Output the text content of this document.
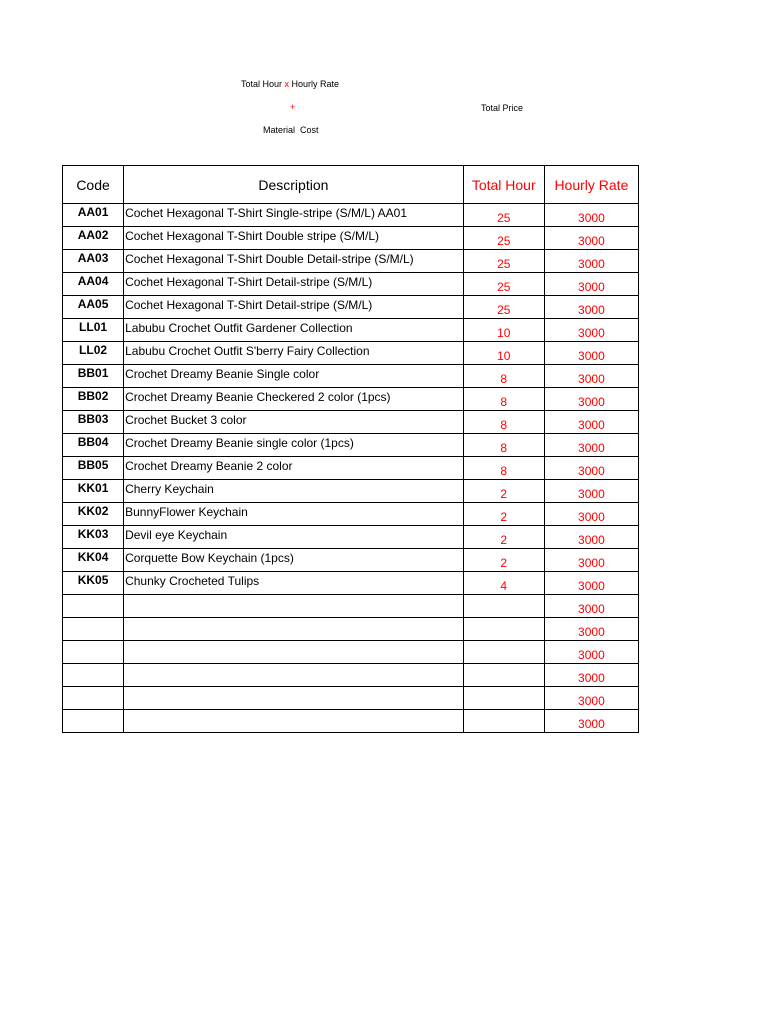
Total Hour x Hourly Rate
+
Material  Cost
Total Price
Code	Description	Total Hour	Hourly Rate
AA01	Cochet Hexagonal T-Shirt Single-stripe (S/M/L) AA01	25	3000
AA02	Cochet Hexagonal T-Shirt Double stripe (S/M/L)	25	3000
AA03	Cochet Hexagonal T-Shirt Double Detail-stripe (S/M/L)	25	3000
AA04	Cochet Hexagonal T-Shirt Detail-stripe (S/M/L)	25	3000
AA05	Cochet Hexagonal T-Shirt Detail-stripe (S/M/L)	25	3000
LL01	Labubu Crochet Outfit Gardener Collection	10	3000
LL02	Labubu Crochet Outfit S'berry Fairy Collection	10	3000
BB01	Crochet Dreamy Beanie Single color	8	3000
BB02	Crochet Dreamy Beanie Checkered 2 color (1pcs)	8	3000
BB03	Crochet Bucket 3 color	8	3000
BB04	Crochet Dreamy Beanie single color (1pcs)	8	3000
BB05	Crochet Dreamy Beanie 2 color	8	3000
KK01	Cherry Keychain	2	3000
KK02	BunnyFlower Keychain	2	3000
KK03	Devil eye Keychain	2	3000
KK04	Corquette Bow Keychain (1pcs)	2	3000
KK05	Chunky Crocheted Tulips	4	3000
			3000
			3000
			3000
			3000
			3000
			3000
